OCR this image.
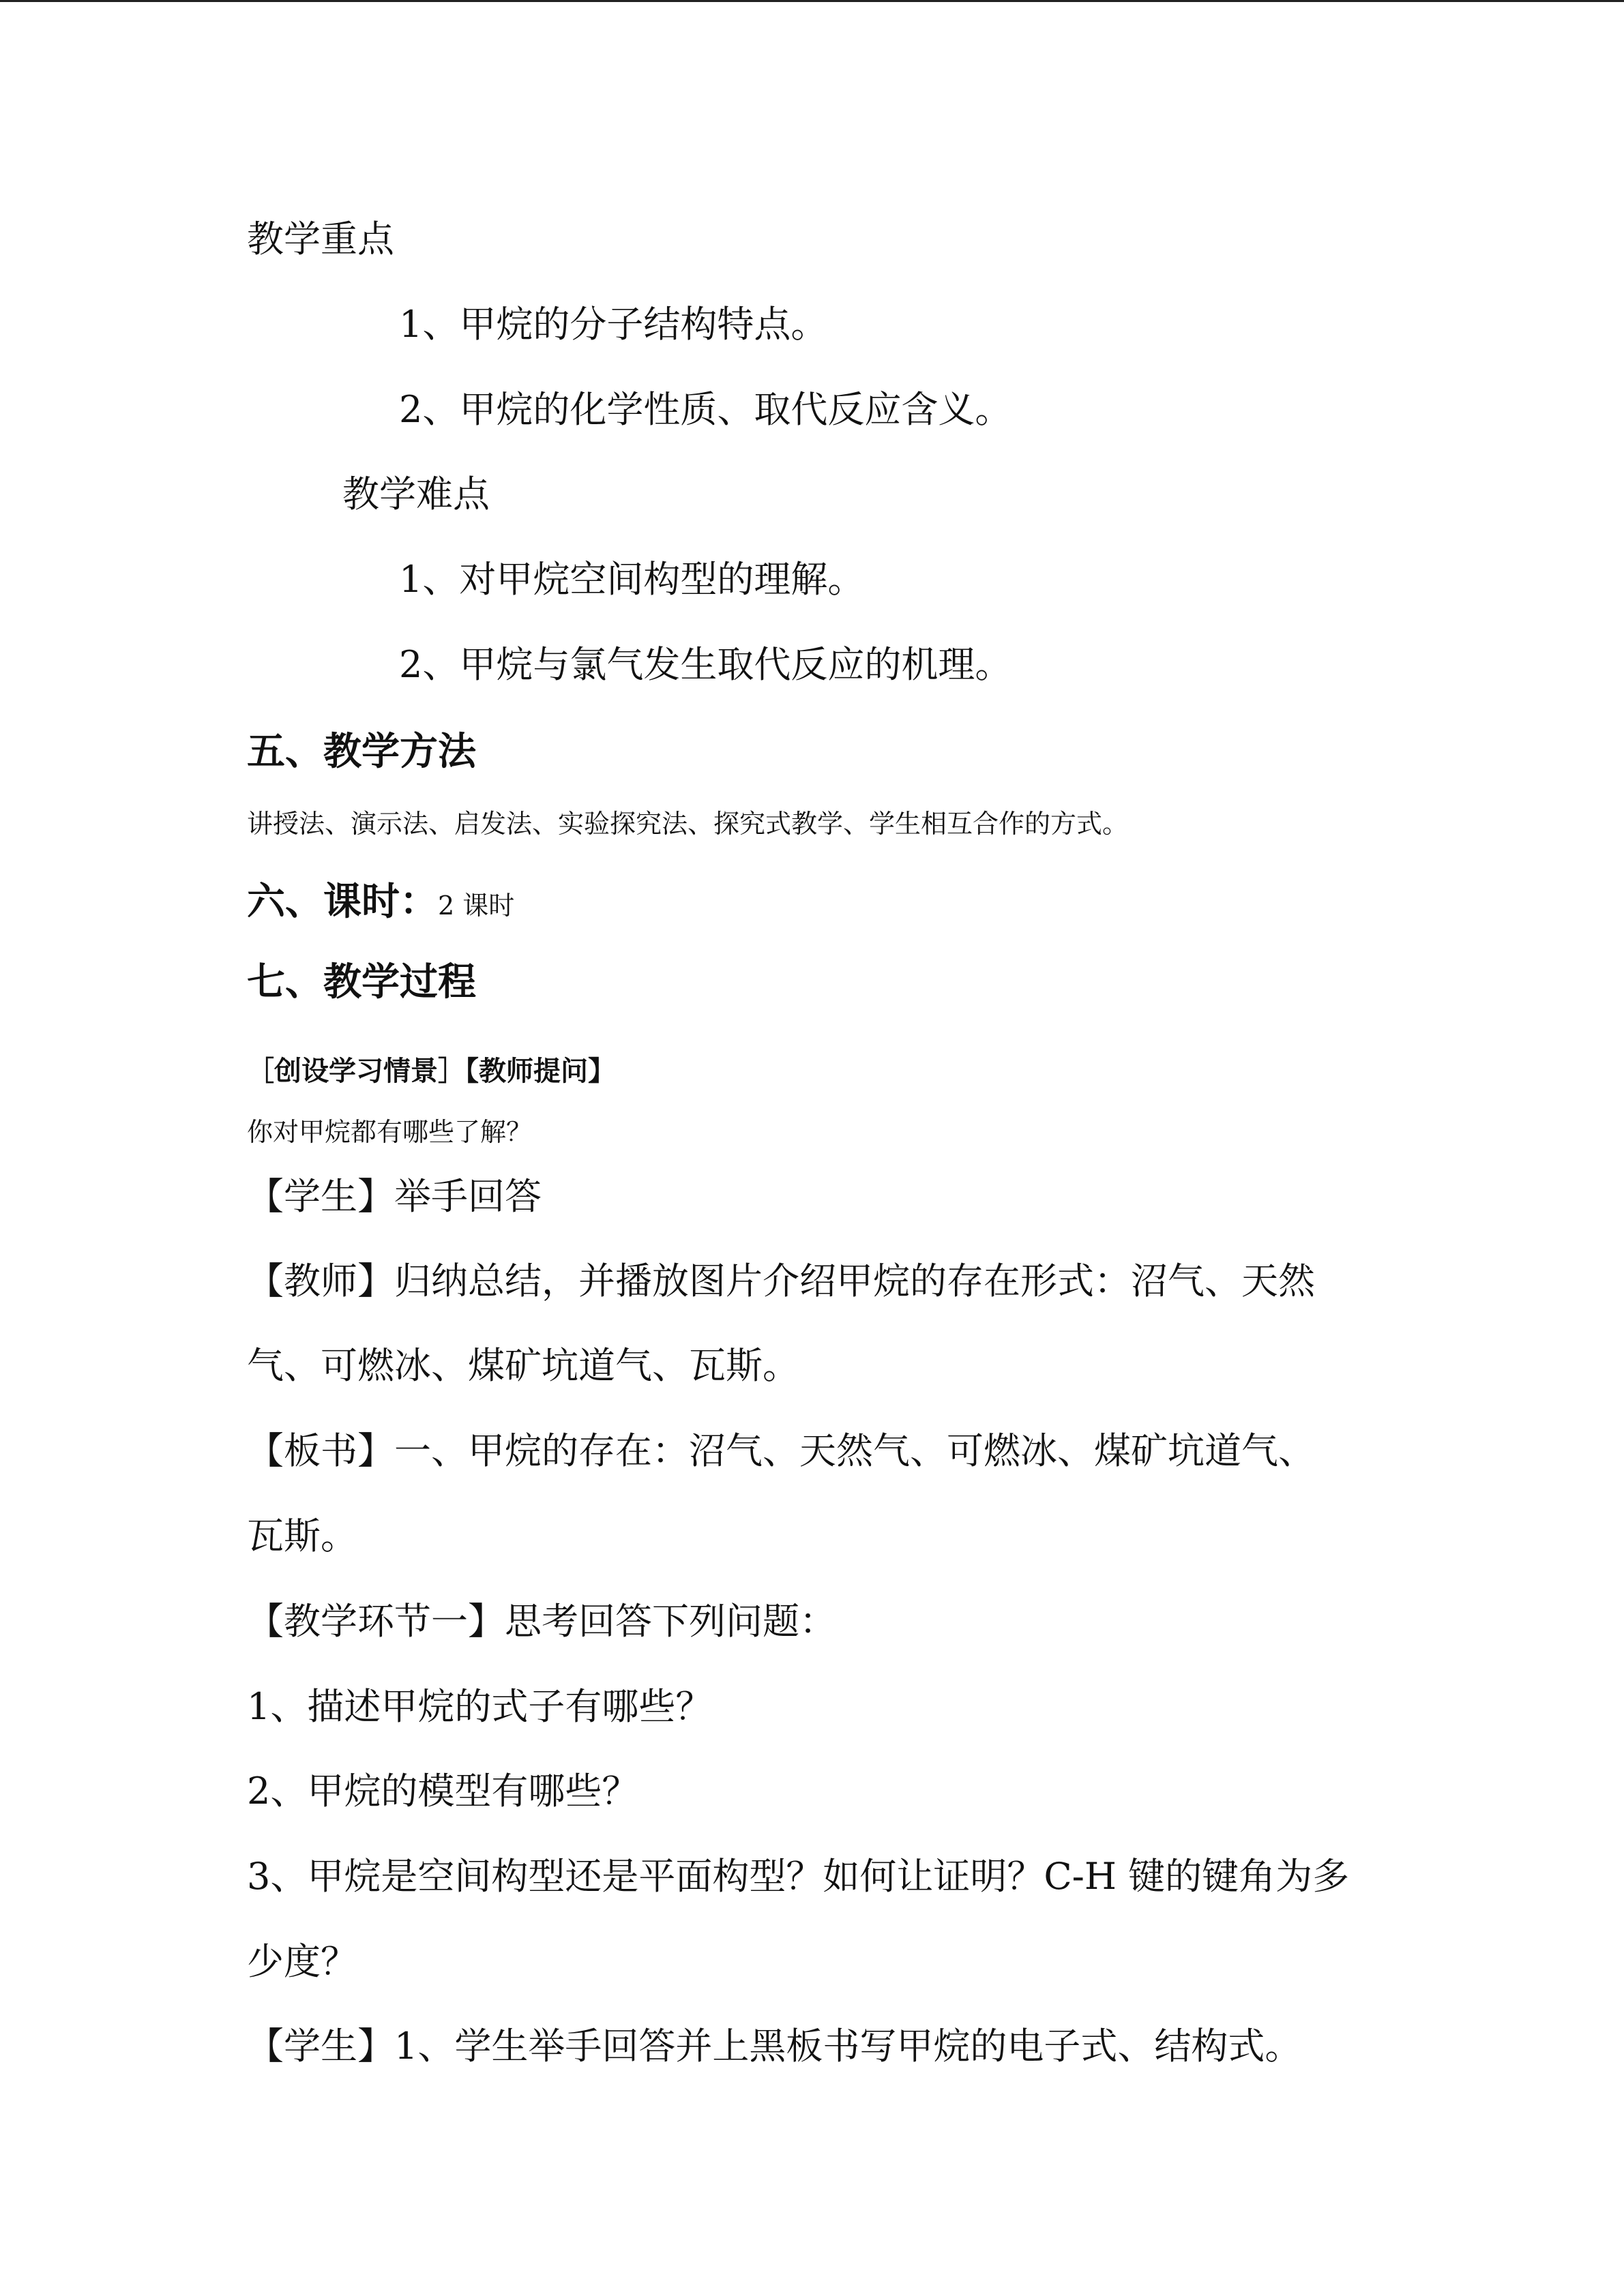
教学重点
1、甲烷的分子结构特点。
2、甲烷的化学性质、取代反应含义。
教学难点
1、对甲烷空间构型的理解。
2、甲烷与氯气发生取代反应的机理。
五、教学方法
讲授法、演示法、启发法、实验探究法、探究式教学、学生相互合作的方式。
六、课时：2 课时
七、教学过程
［创设学习情景］【教师提问】
你对甲烷都有哪些了解？
【学生】举手回答
【教师】归纳总结，并播放图片介绍甲烷的存在形式：沼气、天然
气、可燃冰、煤矿坑道气、瓦斯。
【板书】一、甲烷的存在：沼气、天然气、可燃冰、煤矿坑道气、
瓦斯。
【教学环节一】思考回答下列问题：
1、描述甲烷的式子有哪些？
2、甲烷的模型有哪些？
3、甲烷是空间构型还是平面构型？如何让证明？C-H 键的键角为多
少度？
【学生】1、学生举手回答并上黑板书写甲烷的电子式、结构式。
